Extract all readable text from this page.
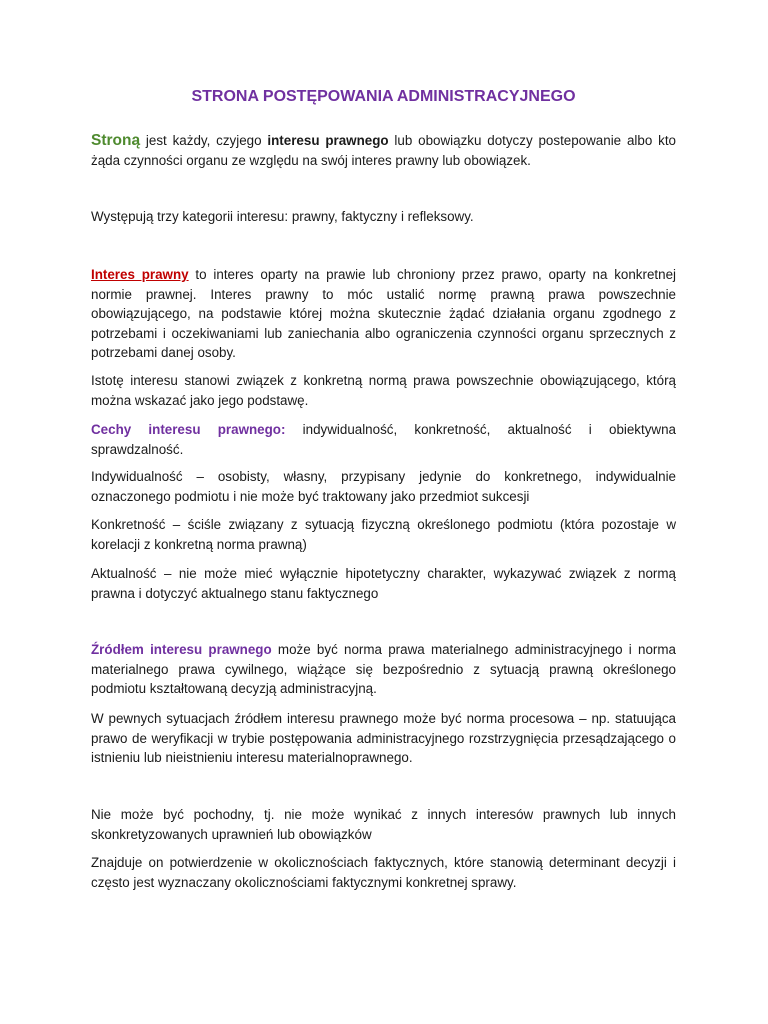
STRONA POSTĘPOWANIA ADMINISTRACYJNEGO

Stroną jest każdy, czyjego interesu prawnego lub obowiązku dotyczy postepowanie albo kto żąda czynności organu ze względu na swój interes prawny lub obowiązek.

Występują trzy kategorii interesu: prawny, faktyczny i refleksowy.

Interes prawny to interes oparty na prawie lub chroniony przez prawo, oparty na konkretnej normie prawnej. Interes prawny to móc ustalić normę prawną prawa powszechnie obowiązującego, na podstawie której można skutecznie żądać działania organu zgodnego z potrzebami i oczekiwaniami lub zaniechania albo ograniczenia czynności organu sprzecznych z potrzebami danej osoby.

Istotę interesu stanowi związek z konkretną normą prawa powszechnie obowiązującego, którą można wskazać jako jego podstawę.

Cechy interesu prawnego: indywidualność, konkretność, aktualność i obiektywna sprawdzalność.

Indywidualność – osobisty, własny, przypisany jedynie do konkretnego, indywidualnie oznaczonego podmiotu i nie może być traktowany jako przedmiot sukcesji

Konkretność – ściśle związany z sytuacją fizyczną określonego podmiotu (która pozostaje w korelacji z konkretną norma prawną)

Aktualność – nie może mieć wyłącznie hipotetyczny charakter, wykazywać związek z normą prawna i dotyczyć aktualnego stanu faktycznego

Źródłem interesu prawnego może być norma prawa materialnego administracyjnego i norma materialnego prawa cywilnego, wiążące się bezpośrednio z sytuacją prawną określonego podmiotu kształtowaną decyzją administracyjną.

W pewnych sytuacjach źródłem interesu prawnego może być norma procesowa – np. statuująca prawo de weryfikacji w trybie postępowania administracyjnego rozstrzygnięcia przesądzającego o istnieniu lub nieistnieniu interesu materialnoprawnego.

Nie może być pochodny, tj. nie może wynikać z innych interesów prawnych lub innych skonkretyzowanych uprawnień lub obowiązków

Znajduje on potwierdzenie w okolicznościach faktycznych, które stanowią determinant decyzji i często jest wyznaczany okolicznościami faktycznymi konkretnej sprawy.
